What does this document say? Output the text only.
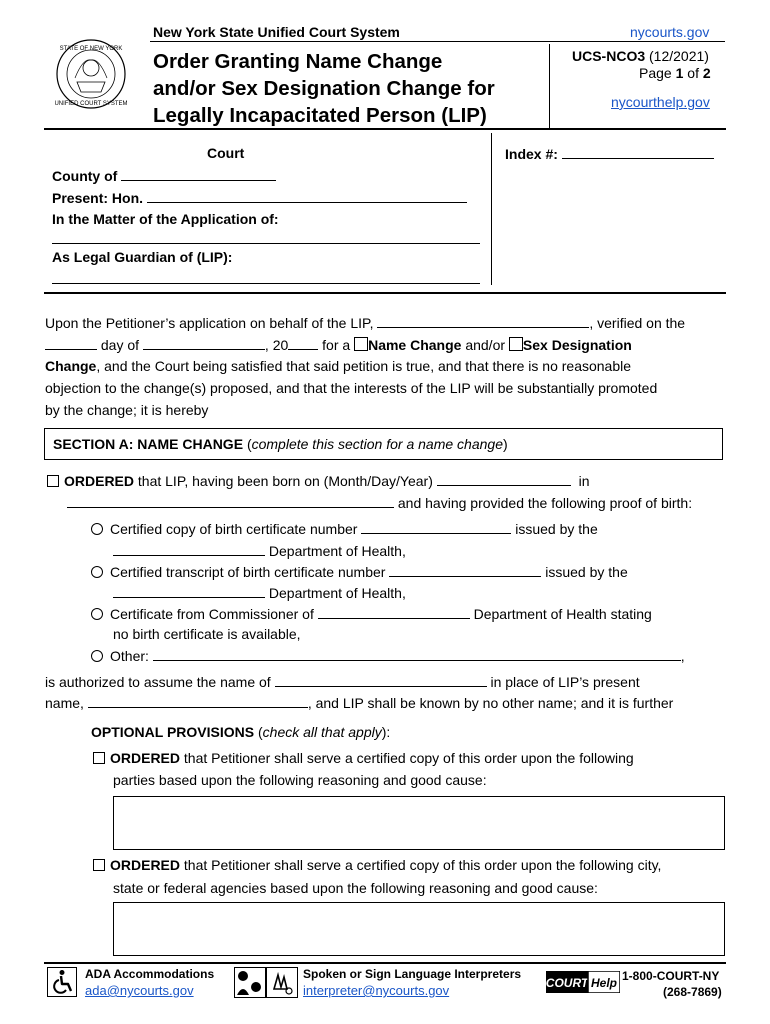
STATE OF NEW YORK
UNIFIED COURT SYSTEM
New York State Unified Court System	nycourts.gov
Order Granting Name Change
and/or Sex Designation Change for
Legally Incapacitated Person (LIP)
UCS-NCO3 (12/2021)
Page 1 of 2
nycourthelp.gov
Court	Index #:
County of
Present: Hon.
In the Matter of the Application of:
As Legal Guardian of (LIP):
Upon the Petitioner’s application on behalf of the LIP,	, verified on the
day of	, 20 for a Name Change and/or Sex Designation
Change, and the Court being satisfied that said petition is true, and that there is no reasonable
objection to the change(s) proposed, and that the interests of the LIP will be substantially promoted
by the change; it is hereby
SECTION A: NAME CHANGE (complete this section for a name change)
ORDERED that LIP, having been born on (Month/Day/Year)	in
and having provided the following proof of birth:
Certified copy of birth certificate number	issued by the
Department of Health,
Certified transcript of birth certificate number	issued by the
Department of Health,
Certificate from Commissioner of	Department of Health stating
no birth certificate is available,
Other:	,
is authorized to assume the name of	in place of LIP’s present
name,	, and LIP shall be known by no other name; and it is further
OPTIONAL PROVISIONS (check all that apply):
ORDERED that Petitioner shall serve a certified copy of this order upon the following
parties based upon the following reasoning and good cause:
ORDERED that Petitioner shall serve a certified copy of this order upon the following city,
state or federal agencies based upon the following reasoning and good cause:
ADA Accommodations
ada@nycourts.gov
Spoken or Sign Language Interpreters
interpreter@nycourts.gov	COURT Help 1-800-COURT-NY
(268-7869)
